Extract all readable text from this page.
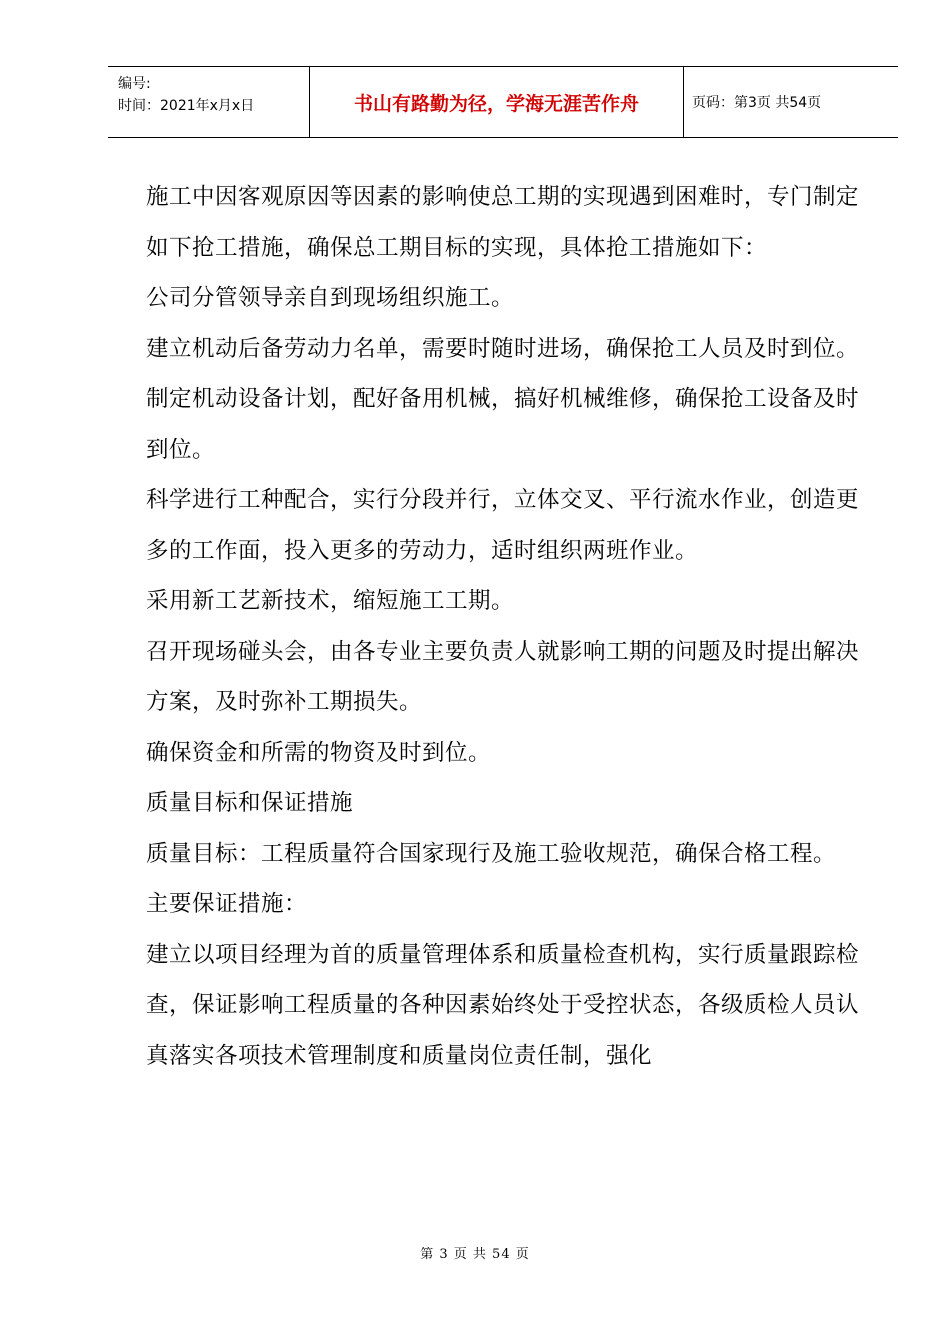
编号:
时间：2021年x月x日	书山有路勤为径，学海无涯苦作舟	页码：第3页 共54页

施工中因客观原因等因素的影响使总工期的实现遇到困难时，专门制定如下抢工措施，确保总工期目标的实现，具体抢工措施如下：

公司分管领导亲自到现场组织施工。

建立机动后备劳动力名单，需要时随时进场，确保抢工人员及时到位。

制定机动设备计划，配好备用机械，搞好机械维修，确保抢工设备及时到位。

科学进行工种配合，实行分段并行，立体交叉、平行流水作业，创造更多的工作面，投入更多的劳动力，适时组织两班作业。

采用新工艺新技术，缩短施工工期。

召开现场碰头会，由各专业主要负责人就影响工期的问题及时提出解决方案，及时弥补工期损失。

确保资金和所需的物资及时到位。

质量目标和保证措施

质量目标：工程质量符合国家现行及施工验收规范，确保合格工程。

主要保证措施：

建立以项目经理为首的质量管理体系和质量检查机构，实行质量跟踪检查，保证影响工程质量的各种因素始终处于受控状态，各级质检人员认真落实各项技术管理制度和质量岗位责任制，强化

第 3 页 共 54 页
